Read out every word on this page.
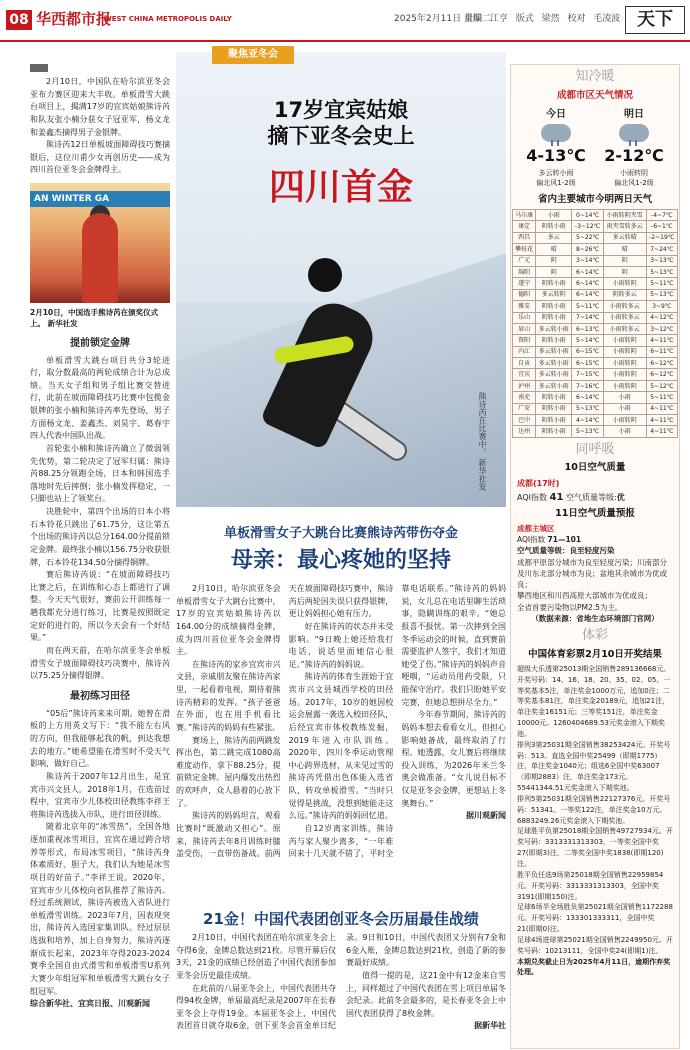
08 华西都市报
WEST CHINA METROPOLIS DAILY	2025年2月11日 星期二
责编 江亨 版式 梁然 校对 毛凌波 天下

2月10日，中国队在哈尔滨亚冬会亚布力赛区迎来大丰收。单板滑雪大跳台项目上，揭满17岁的宜宾姑娘熊诗芮和队友张小楠分获女子冠亚军，杨文龙和姜鑫杰摘得男子金银牌。

熊诗芮12日单板坡面障碍技巧赛摘银后，这位川甫少女再创历史——成为四川首位亚冬会金牌得主。

AN WINTER GA
2月10日，中国选手熊诗芮在颁奖仪式上。 新华社发
提前锁定金牌

单板滑雪大跳台项目共分3轮进行，取分数最高的两轮成绩合计为总成绩。当天女子组和男子组比赛交替进行，此前在坡面障碍技巧比赛中包揽金银牌的张小楠和熊诗芮率先登场，男子方面杨文龙、姜鑫杰、刘昊宇、葛春宇四人代表中国队出战。

首轮张小楠和熊诗芮确立了微弱领先优势，第二轮决定了冠军归属：熊诗芮88.25分领跑全场，日本和韩国选手落地时先后摔倒；张小楠发挥稳定，一只脚也站上了领奖台。

决胜轮中，第四个出场的日本小将石本铃花只跳出了61.75分，这让第五个出场的熊诗芮以总分164.00分提前锁定金牌。最终张小楠以156.75分收获银牌，石本铃花134.50分摘得铜牌。

赛后熊诗芮说：“在坡面障碍技巧比赛之后，在训练和心态上都进行了调整。今天天气很好，赛前公开训练每一趟我都充分进行练习，比赛是按照既定定好的进行的，所以今天会有一个好结果。”

而在两天前，在哈尔滨亚冬会单板滑雪女子坡面障碍技巧决赛中，熊诗芮以75.25分摘得银牌。

最初练习田径

“05后”熊诗芮来来可期。她曾在滑板的上方用英文写下：“我不能左右风的方向，但我能够起我的帆，到达我想去的地方。”她希望能在滑雪时不受天气影响，做好自己。

熊诗芮于2007年12月出生，是宜宾市兴文县人。2018年1月，在选苗过程中，宜宾市少儿体校田径教练李祥王将熊诗芮选拔入市队，进行田径训练。

随着北京年的“冰雪热”，全国各地逐加重视冰雪项目，宜宾在通过跨合培养等形式，布局冰雪项目，“熊诗芮身体素质好、胆子大，我们认为她是冰雪项目的好苗子。”李祥王说。2020年，宜宾市少儿体校向省队推荐了熊诗芮。经过系统测试，熊诗芮被选入省队进行单板滑雪训练。2023年7月，因表现突出，熊诗芮入选国家集训队。经过层层选拔和培养，加上自身努力，熊诗芮逐渐成长起来，2023年夺得2023-2024赛季全国自由式滑雪和单板滑雪U系列大赛少年组冠军和单板滑雪大跳台女子组冠军。

综合新华社、宜宾日报、川观新闻

聚焦亚冬会
17岁宜宾姑娘
摘下亚冬会史上
四川首金
熊诗芮在比赛中。 新华社发
单板滑雪女子大跳台比赛熊诗芮带伤夺金
母亲：最心疼她的坚持

2月10日，哈尔滨亚冬会单板滑雪女子大跳台比赛中，17岁的宜宾姑娘熊诗芮以164.00分的成绩摘得金牌，成为四川首位亚冬会金牌得主。

在熊诗芮的家乡宜宾市兴文县，亲戚朋友聚在熊诗芮家里，一起看着电视，期待着熊诗芮精彩的发挥。“孩子爸爸在外面，也在用手机看比赛。”熊诗芮的妈妈有些紧张。

赛场上，熊诗芮前两跳发挥出色，第二跳完成1080高难度动作，拿下88.25分，提前锁定金牌。屋内爆发出热烈的欢呼声，众人悬着的心放下了。

熊诗芮的妈妈坦言，观看比赛时“既激动又担心”。原来，熊诗芮去年8月训练时膝盖受伤，一直带伤备战。前两天在坡面障碍技巧赛中，熊诗芮后两轮因失误只获得银牌，更让妈妈担心她有压力。

好在熊诗芮的状态并未受影响。“9日晚上她还给我打电话，说话里面她信心很足。”熊诗芮的妈妈说。

熊诗芮的体育生涯始于宜宾市兴文县城西学校的田径场。2017年，10岁的她因校运会展露一袭选入校田径队，后经宜宾市体校教练发掘，2019年进入市队训练。2020年，四川冬季运动管理中心跨界选材，从未见过雪的熊诗芮凭借出色体能入选省队，转攻单板滑雪。“当时只觉得是挑战，没想到她能走这么远。”熊诗芮的妈妈回忆道。

自12岁离家训练，熊诗芮与家人聚少离多，“一年难回来十几天就不错了，平时全靠电话联系。”熊诗芮的妈妈说，女儿总在电话里聊生活琐事，隐瞒训练的艰辛。“她总报喜不报忧。第一次摔到全国冬季运动会的时候，直到赛前需要监护人签字，我们才知道她受了伤。”熊诗芮的妈妈声音哽咽，“运动员用药受限，只能保守治疗。我们只盼她平安完赛，但她总想拼尽全力。”

今年春节期间，熊诗芮的妈妈本想去看看女儿，但担心影响她备战，最终取消了行程。她透露，女儿赛后将继续投入训练，为2026年米兰冬奥会做准备。“女儿说目标不仅是亚冬会金牌，更想站上冬奥舞台。”

据川观新闻

21金！中国代表团创亚冬会历届最佳战绩

2月10日，中国代表团在哈尔滨亚冬会上夺得6金，金牌总数达到21枚。尽管开幕后仅3天，21金的成绩已经创造了中国代表团参加亚冬会历史最佳成绩。

在此前的八届亚冬会上，中国代表团共夺得94枚金牌，单届最高纪录是2007年在长春亚冬会上夺得19金。本届亚冬会上，中国代表团首日就夺取6金，创下亚冬会首金单日纪录。9日和10日，中国代表团又分别有7金和6金入账，金牌总数达到21枚，创造了新的参赛最好成绩。

值得一提的是，这21金中有12金来自雪上，同样超过了中国代表团在雪上项目单届冬会纪录。此前冬会最多的，是长春亚冬会上中国代表团获得了8枚金牌。

据新华社

知冷暖
成都市区天气情况
今日
4-13℃
多云转小雨
偏北风1-2级
明日
2-12℃
小雨转阴
偏北风1-2级
省内主要城市今明两日天气
马尔康	小雨	0~14℃	小雨转阴夹雪	-4~7℃
康定	阴转小雨	-3~12℃	雨夹雪转多云	-6~1℃
西昌	多云	5~22℃	多云转晴	-2~19℃
攀枝花	晴	8~26℃	晴	7~24℃
广元	阴	3~14℃	阴	3~13℃
绵阳	阴	6~14℃	阴	5~13℃
遂宁	阴转小雨	6~14℃	小雨转阴	5~11℃
德阳	多云转阴	6~14℃	阴转多云	5~13℃
雅安	阴转小雨	5~11℃	小雨转多云	3~9℃
乐山	阴转小雨	7~14℃	小雨转多云	4~12℃
眉山	多云转小雨	6~13℃	小雨转多云	3~12℃
资阳	阴转小雨	5~14℃	小雨转阴	4~11℃
内江	多云转小雨	6~15℃	小雨转阴	6~11℃
自贡	多云转小雨	6~15℃	小雨转阴	6~12℃
宜宾	多云转小雨	7~15℃	小雨转阴	6~12℃
泸州	多云转小雨	7~16℃	小雨转阴	5~12℃
南充	阴转小雨	6~14℃	小雨	5~11℃
广安	阴转小雨	5~13℃	小雨	4~11℃
巴中	阴转小雨	4~14℃	小雨转阴	4~11℃
达州	阴转小雨	5~13℃	小雨	4~11℃
同呼吸
10日空气质量
成都(17时)
AQI指数 41 空气质量等级:优
11日空气质量预报
成都主城区
AQI指数 71—101
空气质量等级：良至轻度污染
成都平原部分城市为良至轻度污染；川南部分及川东北部分城市为良；盆地其余城市为优或良；
攀西地区和川西高原大部城市为优或良；
全省首要污染物以PM2.5为主。
（数据来源：省地生态环境部门官网）
体彩
中国体育彩票2月10日开奖结果

超级大乐透第25013期全国销售289136668元。开奖号码：14、16、18、20、35、02、05。一等奖基本5注，单注奖金1000万元，追加0注；二等奖基本81注，单注奖金20189元，追加21注，单注奖金16151元；三等奖151注，单注奖金10000元。1260404689.53元奖金滚入下期奖池。

排列3第25031期全国销售38253424元。开奖号码：513。直选全国中奖25499（即期1775）注，单注奖金1040元；组选6全国中奖63007（即期2883）注，单注奖金173元。55441344.51元奖金滚入下期奖池。

排列5第25031期全国销售22127376元。开奖号码：51341。一等奖122注，单注奖金10万元。6883249.26元奖金滚入下期奖池。

足球胜平负第25018期全国销售49727934元。开奖号码：3313331313303，一等奖全国中奖27(即期3)注，二等奖全国中奖1838(即期120)注。

胜平负任选9场第25018期全国销售22959854元。开奖号码：3313331313303，全国中奖3191(即期150)注。

足球6场半全场胜负第25021期全国销售1172288元。开奖号码：133301333311，全国中奖21(即期0)注。

足球4场进球第25021期全国销售2249950元。开奖号码：10213111，全国中奖24(即期1)注。

本期兑奖截止日为2025年4月11日，逾期作弃奖处理。
